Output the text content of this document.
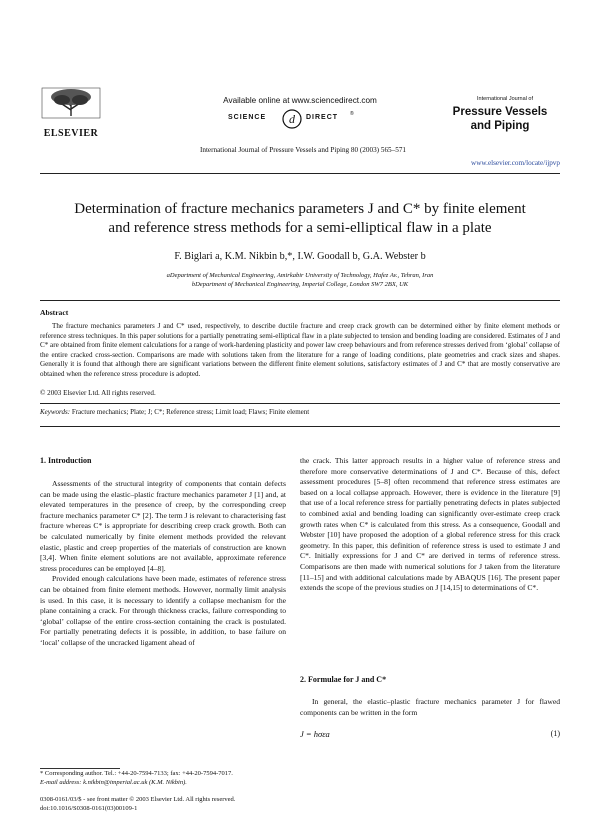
ELSEVIER
Available online at www.sciencedirect.com
SCIENCE d DIRECT ®
International Journal of Pressure Vessels and Piping 80 (2003) 565–571
International Journal of
Pressure Vessels
and Piping
www.elsevier.com/locate/ijpvp
Determination of fracture mechanics parameters J and C* by finite element
and reference stress methods for a semi-elliptical flaw in a plate
F. Biglari a, K.M. Nikbin b,*, I.W. Goodall b, G.A. Webster b
aDepartment of Mechanical Engineering, Amirkabir University of Technology, Hafez Av., Tehran, Iran
bDepartment of Mechanical Engineering, Imperial College, London SW7 2BX, UK
Abstract
The fracture mechanics parameters J and C* used, respectively, to describe ductile fracture and creep crack growth can be determined either by finite element methods or reference stress techniques. In this paper solutions for a partially penetrating semi-elliptical flaw in a plate subjected to tension and bending loading are considered. Estimates of J and C* are obtained from finite element calculations for a range of work-hardening plasticity and power law creep behaviours and from reference stresses derived from ‘global’ collapse of the entire cracked cross-section. Comparisons are made with solutions taken from the literature for a range of loading conditions, plate geometries and crack sizes and shapes. Generally it is found that although there are significant variations between the different finite element solutions, satisfactory estimates of J and C* that are mostly conservative are obtained when the reference stress procedure is adopted.
© 2003 Elsevier Ltd. All rights reserved.
Keywords: Fracture mechanics; Plate; J; C*; Reference stress; Limit load; Flaws; Finite element
1. Introduction

Assessments of the structural integrity of components that contain defects can be made using the elastic–plastic fracture mechanics parameter J [1] and, at elevated temperatures in the presence of creep, by the corresponding creep fracture mechanics parameter C* [2]. The term J is relevant to characterising fast fracture whereas C* is appropriate for describing creep crack growth. Both can be calculated numerically by finite element methods provided the relevant elastic, plastic and creep properties of the materials of construction are known [3,4]. When finite element solutions are not available, approximate reference stress procedures can be employed [4–8].

Provided enough calculations have been made, estimates of reference stress can be obtained from finite element methods. However, normally limit analysis is used. In this case, it is necessary to identify a collapse mechanism for the plane containing a crack. For through thickness cracks, failure corresponding to ‘global’ collapse of the entire cross-section containing the crack is postulated. For partially penetrating defects it is possible, in addition, to base failure on ‘local’ collapse of the uncracked ligament ahead of

* Corresponding author. Tel.: +44-20-7594-7133; fax: +44-20-7594-7017.
E-mail address: k.nikbin@imperial.ac.uk (K.M. Nikbin).

the crack. This latter approach results in a higher value of reference stress and therefore more conservative determinations of J and C*. Because of this, defect assessment procedures [5–8] often recommend that reference stress estimates are based on a local collapse approach. However, there is evidence in the literature [9] that use of a local reference stress for partially penetrating defects in plates subjected to combined axial and bending loading can significantly over-estimate creep crack growth rates when C* is calculated from this stress. As a consequence, Goodall and Webster [10] have proposed the adoption of a global reference stress for this crack geometry. In this paper, this definition of reference stress is used to estimate J and C*. Initially expressions for J and C* are derived in terms of reference stress. Comparisons are then made with numerical solutions for J taken from the literature [11–15] and with additional calculations made by ABAQUS [16]. The present paper extends the scope of the previous studies on J [14,15] to determinations of C*.

2. Formulae for J and C*

In general, the elastic–plastic fracture mechanics parameter J for flawed components can be written in the form

J = hσεa	(1)
0308-0161/03/$ - see front matter © 2003 Elsevier Ltd. All rights reserved.
doi:10.1016/S0308-0161(03)00109-1
